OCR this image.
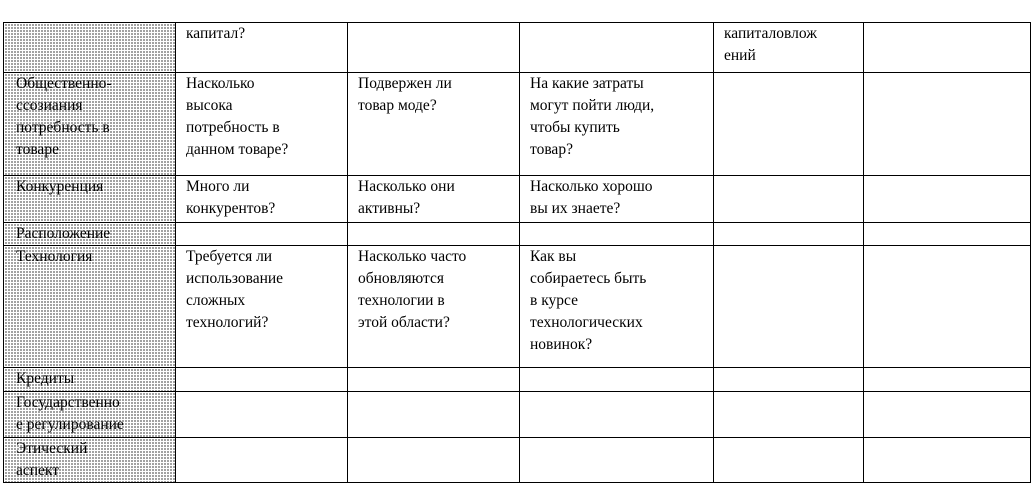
	капитал?			капиталовлож
ений	

Общественно-
ссозиания
потребность в
товаре	Насколько
высока
потребность в
данном товаре?	Подвержен ли
товар моде?	На какие затраты
могут пойти люди,
чтобы купить
товар?		

Конкуренция	Много ли
конкурентов?	Насколько они
активны?	Насколько хорошо
вы их знаете?		

Расположение					

Технология	Требуется ли
использование
сложных
технологий?	Насколько часто
обновляются
технологии в
этой области?	Как вы
собираетесь быть
в курсе
технологических
новинок?		

Кредиты					

Государственно
е регулирование					

Этический
аспект					
